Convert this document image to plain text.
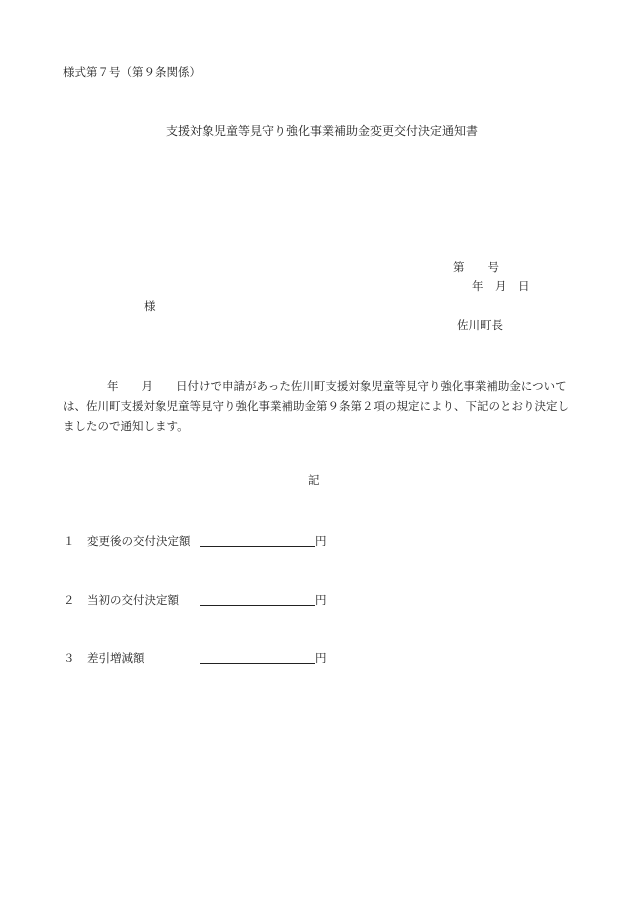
様式第７号（第９条関係）
支援対象児童等見守り強化事業補助金変更交付決定通知書
第　　号
年　月　日
様
佐川町長
年　　月　　日付けで申請があった佐川町支援対象児童等見守り強化事業補助金については、佐川町支援対象児童等見守り強化事業補助金第９条第２項の規定により、下記のとおり決定しましたので通知します。
記
１ 変更後の交付決定額	円
２ 当初の交付決定額	円
３ 差引増減額	円
